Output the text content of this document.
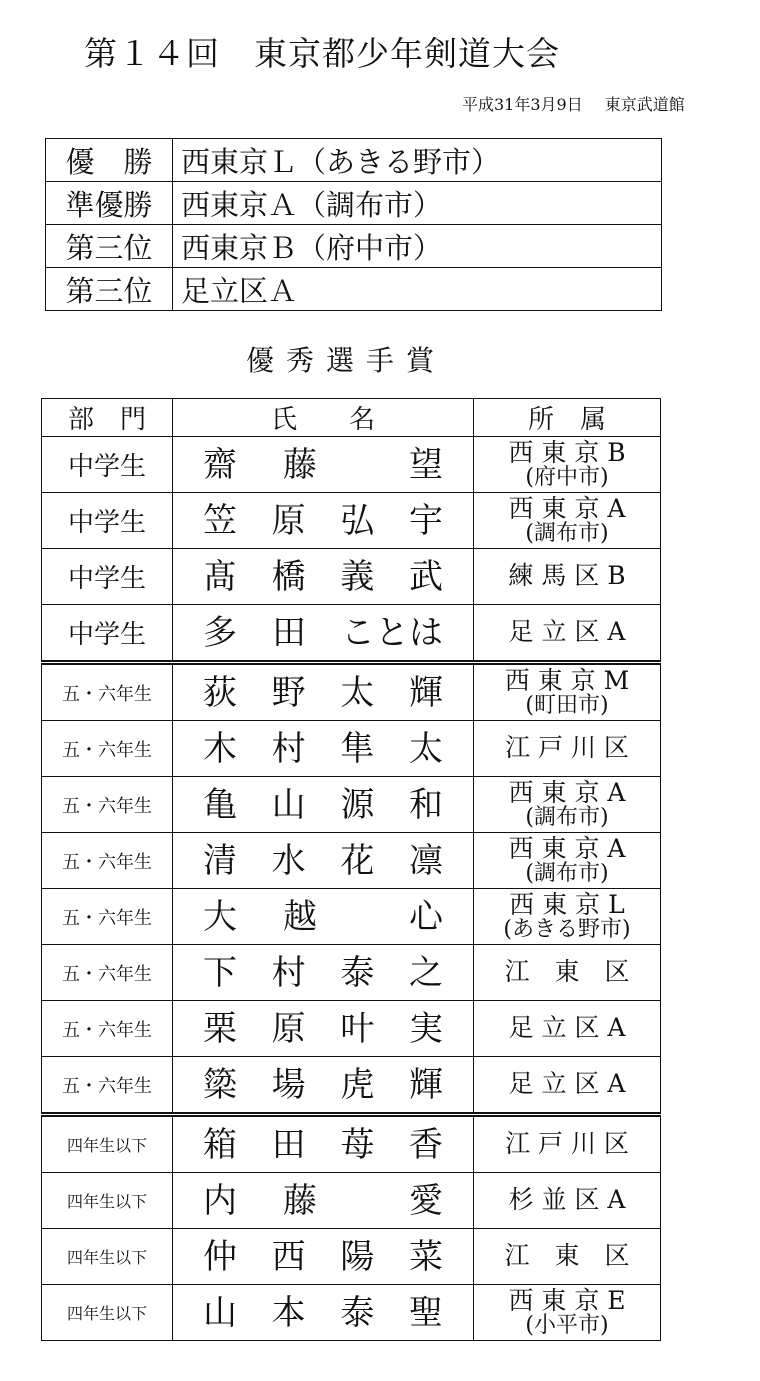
第１４回　東京都少年剣道大会
平成31年3月9日 東京武道館
優　勝	西東京Ｌ（あきる野市）
準優勝	西東京Ａ（調布市）
第三位	西東京Ｂ（府中市）
第三位	足立区Ａ
優秀選手賞
部　門	氏　　名	所　属
中学生	齋 藤 望	西 東 京 B
(府中市)

中学生	笠 原 弘 宇	西 東 京 A
(調布市)

中学生	髙 橋 義 武	練 馬 区 B

中学生	多 田 ことは	足 立 区 A

五・六年生	荻 野 太 輝	西 東 京 M
(町田市)

五・六年生	木 村 隼 太	江 戸 川 区

五・六年生	亀 山 源 和	西 東 京 A
(調布市)

五・六年生	清 水 花 凛	西 東 京 A
(調布市)

五・六年生	大 越 心	西 東 京 L
(あきる野市)

五・六年生	下 村 泰 之	江　東　区

五・六年生	栗 原 叶 実	足 立 区 A

五・六年生	簗 場 虎 輝	足 立 区 A

四年生以下	箱 田 苺 香	江 戸 川 区

四年生以下	内 藤 愛	杉 並 区 A

四年生以下	仲 西 陽 菜	江　東　区

四年生以下	山 本 泰 聖	西 東 京 E
(小平市)
